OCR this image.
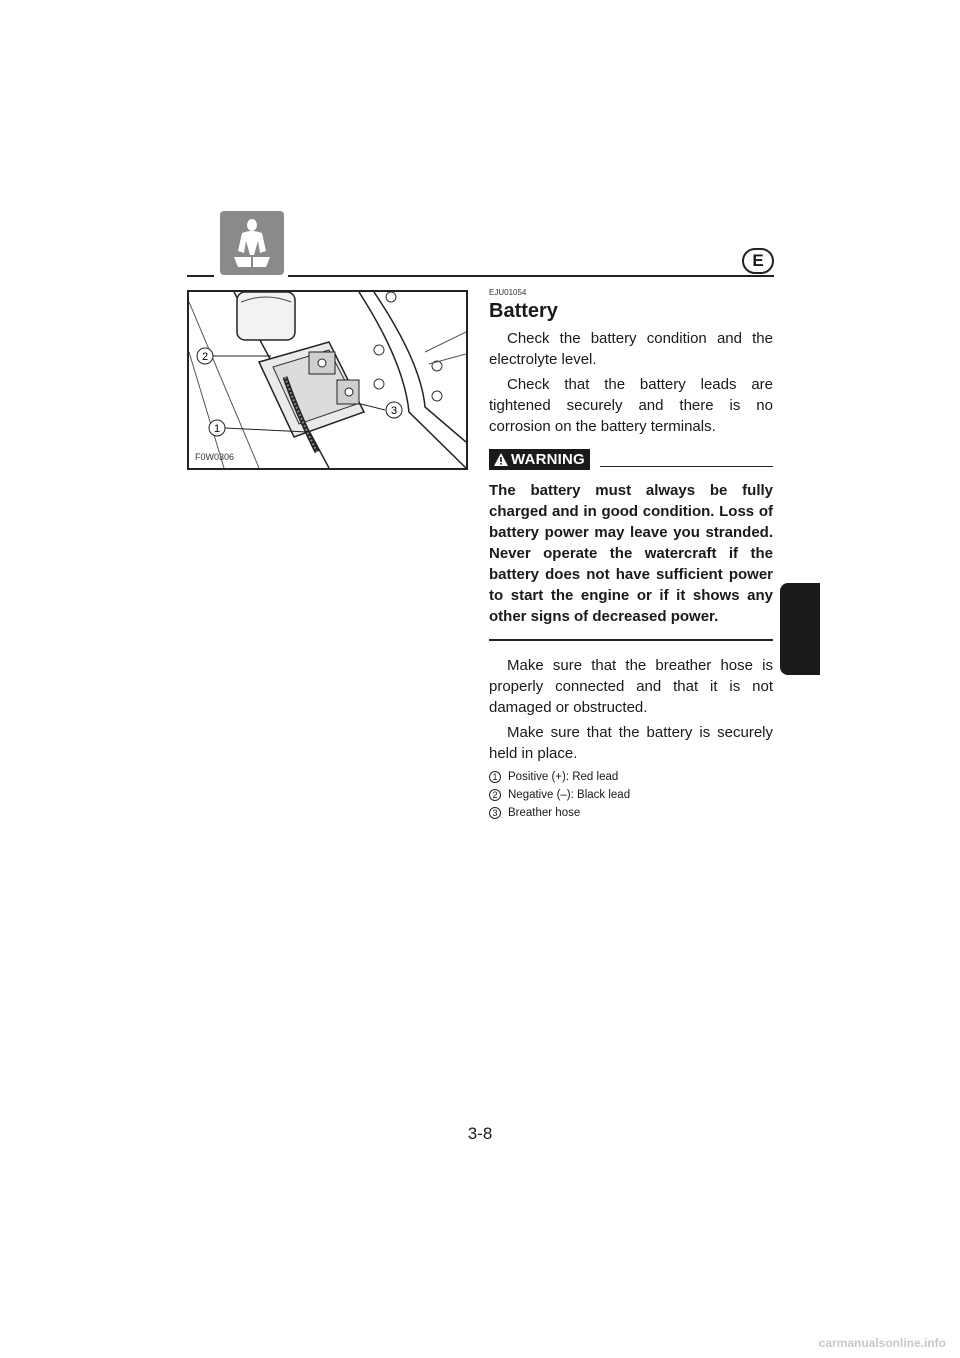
E
1
2
3
F0W0306

EJU01054

Battery

Check the battery condition and the electrolyte level.

Check that the battery leads are tightened securely and there is no corrosion on the battery terminals.

WARNING

The battery must always be fully charged and in good condition. Loss of battery power may leave you stranded. Never operate the watercraft if the battery does not have sufficient power to start the engine or if it shows any other signs of decreased power.

Make sure that the breather hose is properly connected and that it is not damaged or obstructed.

Make sure that the battery is securely held in place.

1 Positive (+): Red lead
2 Negative (–): Black lead
3 Breather hose
3-8
carmanualsonline.info
